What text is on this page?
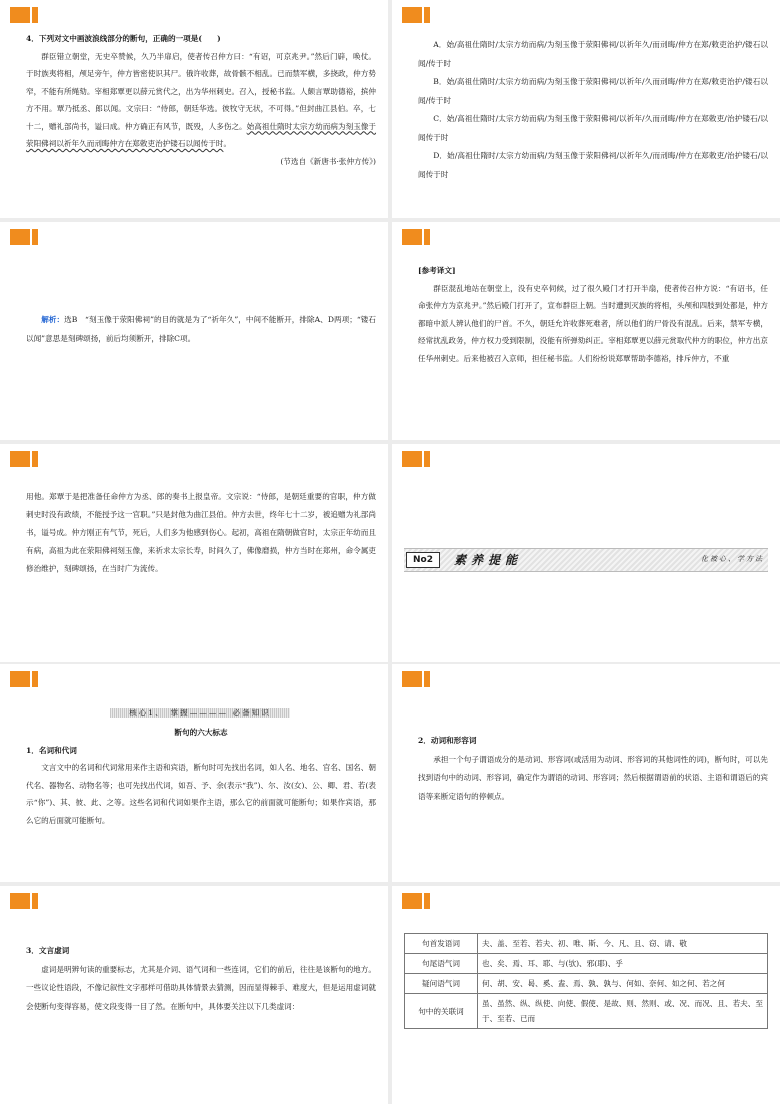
4．下列对文中画波浪线部分的断句，正确的一项是(　　)

群臣错立朝堂，无史卒赞候，久乃半扉启，使者传召仲方曰：“有诏，可京兆尹。”然后门辟，唤仗。于时族夷将相，颅足旁午，仲方皆密使识其尸。俄许收葬，故骨骸不相乱。已而禁军横，多挠政，仲方势窄，不能有所绳劾。宰相郑覃更以薛元赏代之，出为华州刺史。召入，授秘书监。人颇言覃助德裕，摈仲方不用。覃乃抵丞、郎以闻。文宗曰：“侍郎，朝廷华选。彼牧守无状，不可得。”但封曲江县伯。卒，七十二，赠礼部尚书，谥曰成。仲方确正有风节，既殁，人多伤之。始高祖仕隋时太宗方幼而病为刻玉像于荥阳佛祠以祈年久而刓晦仲方在郑敕吏治护镂石以闻传于时。

(节选自《新唐书·张仲方传》)

A．始/高祖仕隋时/太宗方幼而病/为刻玉像于荥阳佛祠/以祈年久/而刓晦/仲方在郑/敕吏治护/镂石以闻/传于时

B．始/高祖仕隋时/太宗方幼而病/为刻玉像于荥阳佛祠/以祈年/久而刓晦/仲方在郑/敕吏治护/镂石以闻/传于时

C．始/高祖仕隋时/太宗方幼而病/为刻玉像于荥阳佛祠/以祈年/久而刓晦/仲方在郑敕吏/治护镂石/以闻传于时

D．始/高祖仕隋时/太宗方幼而病/为刻玉像于荥阳佛祠/以祈年久/而刓晦/仲方在郑敕吏/治护镂石/以闻传于时

解析：选B　“刻玉像于荥阳佛祠”的目的就是为了“祈年久”，中间不能断开，排除A、D两项；“镂石以闻”意思是刻碑颂扬，前后均须断开，排除C项。

[参考译文]

群臣混乱地站在朝堂上，没有史卒伺候，过了很久殿门才打开半扇，使者传召仲方说：“有诏书，任命张仲方为京兆尹。”然后殿门打开了，宣布群臣上朝。当时遭到灭族的将相，头颅和四肢到处都是，仲方都暗中派人辨认他们的尸首。不久，朝廷允许收葬死难者，所以他们的尸骨没有混乱。后来，禁军专横，经常扰乱政务，仲方权力受到限制，没能有所弹劾纠正。宰相郑覃更以薛元赏取代仲方的职位，仲方出京任华州刺史。后来他被召入京师，担任秘书监。人们纷纷说郑覃帮助李德裕，排斥仲方，不重

用他。郑覃于是把准备任命仲方为丞、郎的奏书上报皇帝。文宗说：“侍郎，是朝廷重要的官职，仲方做刺史时没有政绩，不能授予这一官职。”只是封他为曲江县伯。仲方去世，终年七十二岁，被追赠为礼部尚书，谥号成。仲方刚正有气节，死后，人们多为他感到伤心。起初，高祖在隋朝做官时，太宗正年幼而且有病，高祖为此在荥阳佛祠刻玉像，来祈求太宗长寿，时间久了，佛像磨损，仲方当时在郑州，命令属吏修治维护，刻碑颂扬，在当时广为流传。

No2	素养提能	化被心、学方法
核心1、　掌握———— 必备知识

断句的六大标志

1．名词和代词

文言文中的名词和代词常用来作主语和宾语，断句时可先找出名词，如人名、地名、官名、国名、朝代名、器物名、动物名等；也可先找出代词，如吾、予、余(表示“我”)、尔、汝(女)、公、卿、君、若(表示“你”)、其、彼、此、之等。这些名词和代词如果作主语，那么它的前面就可能断句；如果作宾语，那么它的后面就可能断句。

2．动词和形容词

承担一个句子谓语成分的是动词、形容词(或活用为动词、形容词的其他词性的词)，断句时，可以先找到语句中的动词、形容词，确定作为谓语的动词、形容词；然后根据谓语前的状语、主语和谓语后的宾语等来断定语句的停顿点。

3．文言虚词

虚词是明辨句读的重要标志，尤其是介词、语气词和一些连词，它们的前后，往往是该断句的地方。一些议论性语段，不像记叙性文字那样可借助具体情景去猜测，因而显得棘手、难度大，但是运用虚词就会使断句变得容易，使文段变得一目了然。在断句中，具体要关注以下几类虚词：

句首发语词	夫、盖、至若、若夫、初、唯、斯、今、凡、且、窃、请、敬
句尾语气词	也、矣、焉、耳、耶、与(欤)、邪(耶)、乎
疑问语气词	何、胡、安、曷、奚、盍、焉、孰、孰与、何如、奈何、如之何、若之何
句中的关联词	虽、虽然、纵、纵使、向使、假使、是故、则、然则、或、况、而况、且、若夫、至于、至若、已而
